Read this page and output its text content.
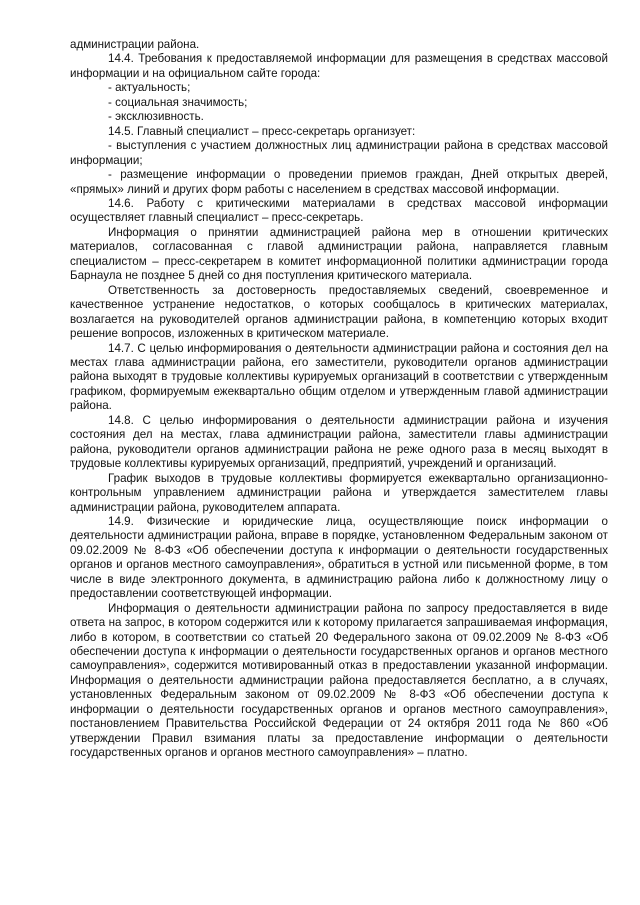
администрации района.

14.4. Требования к предоставляемой информации для размещения в средствах массовой информации и на официальном сайте города:

- актуальность;

- социальная значимость;

- эксклюзивность.

14.5. Главный специалист – пресс-секретарь организует:

- выступления с участием должностных лиц администрации района в средствах массовой информации;

- размещение информации о проведении приемов граждан, Дней открытых дверей, «прямых» линий и других форм работы с населением в средствах массовой информации.

14.6. Работу с критическими материалами в средствах массовой информации осуществляет главный специалист – пресс-секретарь.

Информация о принятии администрацией района мер в отношении критических материалов, согласованная с главой администрации района, направляется главным специалистом – пресс-секретарем в комитет информационной политики администрации города Барнаула не позднее 5 дней со дня поступления критического материала.

Ответственность за достоверность предоставляемых сведений, своевременное и качественное устранение недостатков, о которых сообщалось в критических материалах, возлагается на руководителей органов администрации района, в компетенцию которых входит решение вопросов, изложенных в критическом материале.

14.7. С целью информирования о деятельности администрации района и состояния дел на местах глава администрации района, его заместители, руководители органов администрации района выходят в трудовые коллективы курируемых организаций в соответствии с утвержденным графиком, формируемым ежеквартально общим отделом и утвержденным главой администрации района.

14.8. С целью информирования о деятельности администрации района и изучения состояния дел на местах, глава администрации района, заместители главы администрации района, руководители органов администрации района не реже одного раза в месяц выходят в трудовые коллективы курируемых организаций, предприятий, учреждений и организаций.

График выходов в трудовые коллективы формируется ежеквартально организационно-контрольным управлением администрации района и утверждается заместителем главы администрации района, руководителем аппарата.

14.9. Физические и юридические лица, осуществляющие поиск информации о деятельности администрации района, вправе в порядке, установленном Федеральным законом от 09.02.2009 № 8-ФЗ «Об обеспечении доступа к информации о деятельности государственных органов и органов местного самоуправления», обратиться в устной или письменной форме, в том числе в виде электронного документа, в администрацию района либо к должностному лицу о предоставлении соответствующей информации.

Информация о деятельности администрации района по запросу предоставляется в виде ответа на запрос, в котором содержится или к которому прилагается запрашиваемая информация, либо в котором, в соответствии со статьей 20 Федерального закона от 09.02.2009 № 8-ФЗ «Об обеспечении доступа к информации о деятельности государственных органов и органов местного самоуправления», содержится мотивированный отказ в предоставлении указанной информации. Информация о деятельности администрации района предоставляется бесплатно, а в случаях, установленных Федеральным законом от 09.02.2009 № 8-ФЗ «Об обеспечении доступа к информации о деятельности государственных органов и органов местного самоуправления», постановлением Правительства Российской Федерации от 24 октября 2011 года № 860 «Об утверждении Правил взимания платы за предоставление информации о деятельности государственных органов и органов местного самоуправления» – платно.
